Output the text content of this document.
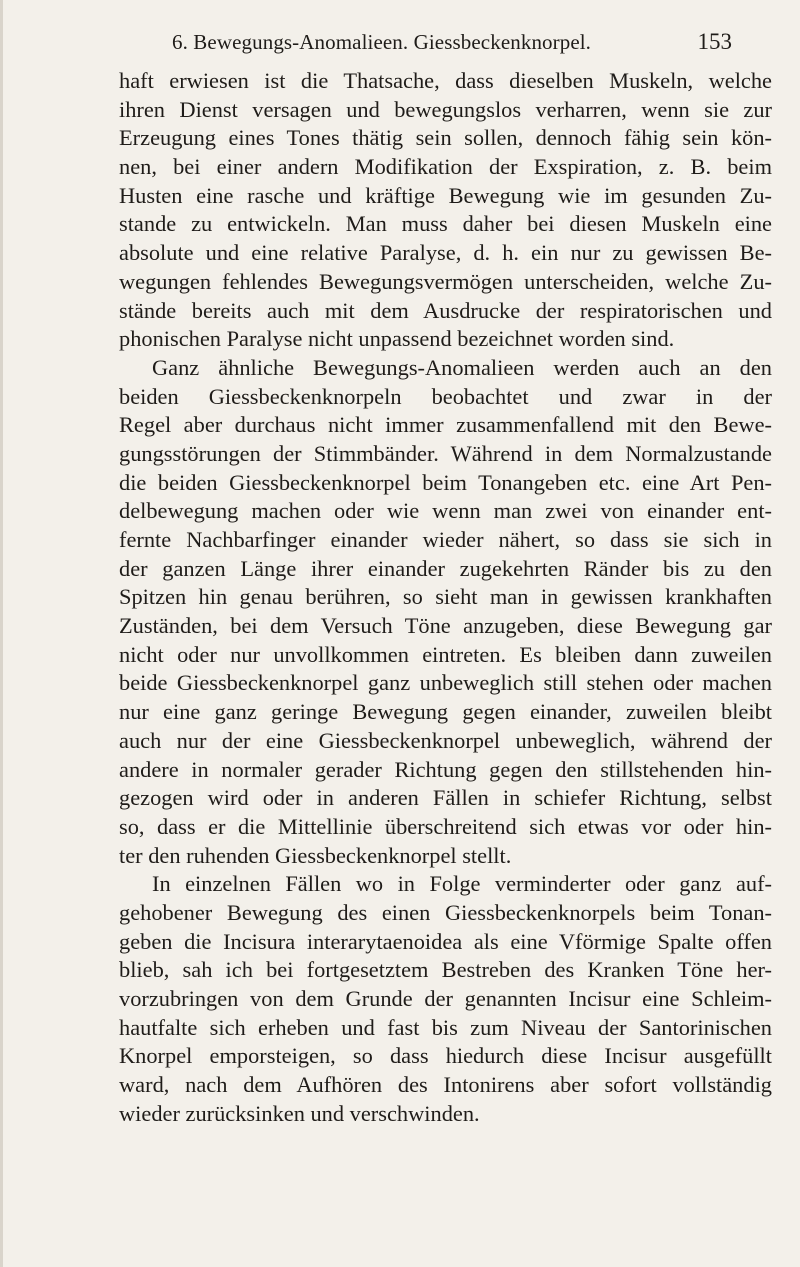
6. Bewegungs-Anomalieen. Giessbeckenknorpel.	153
haft erwiesen ist die Thatsache, dass dieselben Muskeln, welche
ihren Dienst versagen und bewegungslos verharren, wenn sie zur
Erzeugung eines Tones thätig sein sollen, dennoch fähig sein kön-
nen, bei einer andern Modifikation der Exspiration, z. B. beim
Husten eine rasche und kräftige Bewegung wie im gesunden Zu-
stande zu entwickeln. Man muss daher bei diesen Muskeln eine
absolute und eine relative Paralyse, d. h. ein nur zu gewissen Be-
wegungen fehlendes Bewegungsvermögen unterscheiden, welche Zu-
stände bereits auch mit dem Ausdrucke der respiratorischen und
phonischen Paralyse nicht unpassend bezeichnet worden sind.
Ganz ähnliche Bewegungs-Anomalieen werden auch an den
beiden Giessbeckenknorpeln beobachtet und zwar in der
Regel aber durchaus nicht immer zusammenfallend mit den Bewe-
gungsstörungen der Stimmbänder. Während in dem Normalzustande
die beiden Giessbeckenknorpel beim Tonangeben etc. eine Art Pen-
delbewegung machen oder wie wenn man zwei von einander ent-
fernte Nachbarfinger einander wieder nähert, so dass sie sich in
der ganzen Länge ihrer einander zugekehrten Ränder bis zu den
Spitzen hin genau berühren, so sieht man in gewissen krankhaften
Zuständen, bei dem Versuch Töne anzugeben, diese Bewegung gar
nicht oder nur unvollkommen eintreten. Es bleiben dann zuweilen
beide Giessbeckenknorpel ganz unbeweglich still stehen oder machen
nur eine ganz geringe Bewegung gegen einander, zuweilen bleibt
auch nur der eine Giessbeckenknorpel unbeweglich, während der
andere in normaler gerader Richtung gegen den stillstehenden hin-
gezogen wird oder in anderen Fällen in schiefer Richtung, selbst
so, dass er die Mittellinie überschreitend sich etwas vor oder hin-
ter den ruhenden Giessbeckenknorpel stellt.
In einzelnen Fällen wo in Folge verminderter oder ganz auf-
gehobener Bewegung des einen Giessbeckenknorpels beim Tonan-
geben die Incisura interarytaenoidea als eine Vförmige Spalte offen
blieb, sah ich bei fortgesetztem Bestreben des Kranken Töne her-
vorzubringen von dem Grunde der genannten Incisur eine Schleim-
hautfalte sich erheben und fast bis zum Niveau der Santorinischen
Knorpel emporsteigen, so dass hiedurch diese Incisur ausgefüllt
ward, nach dem Aufhören des Intonirens aber sofort vollständig
wieder zurücksinken und verschwinden.
